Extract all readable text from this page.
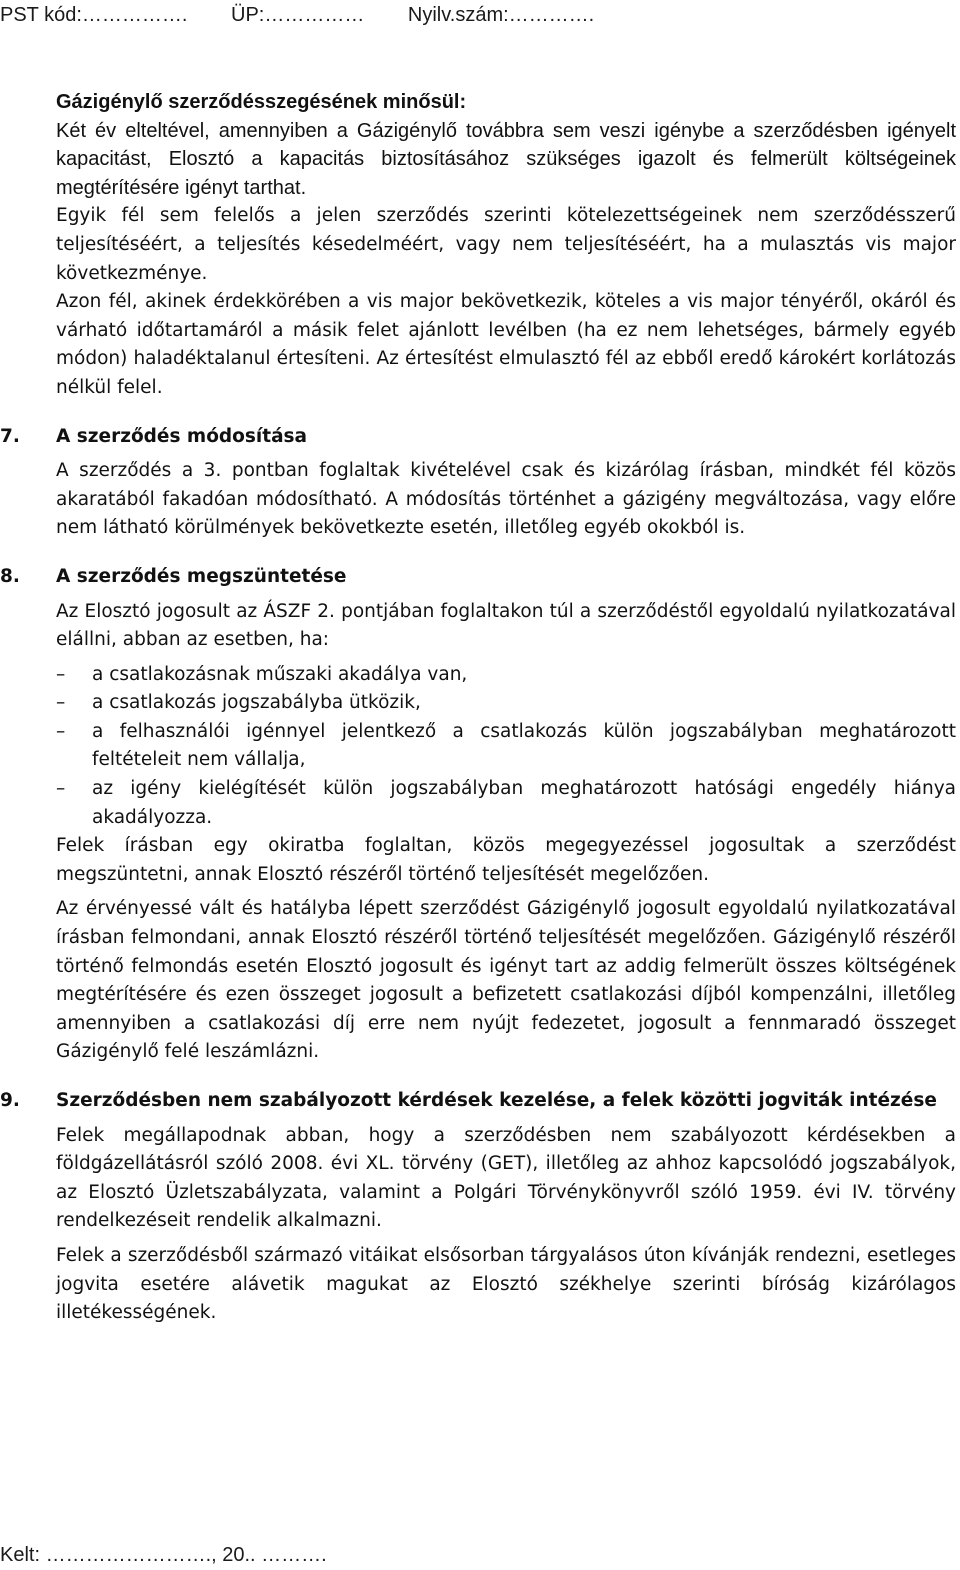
PST kód:……………. ÜP:…………… Nyilv.szám:………….

Gázigénylő szerződésszegésének minősül:

Két év elteltével, amennyiben a Gázigénylő továbbra sem veszi igénybe a szerződésben igényelt kapacitást, Elosztó a kapacitás biztosításához szükséges igazolt és felmerült költségeinek megtérítésére igényt tarthat.

Egyik fél sem felelős a jelen szerződés szerinti kötelezettségeinek nem szerződésszerű teljesítéséért, a teljesítés késedelméért, vagy nem teljesítéséért, ha a mulasztás vis major következménye.

Azon fél, akinek érdekkörében a vis major bekövetkezik, köteles a vis major tényéről, okáról és várható időtartamáról a másik felet ajánlott levélben (ha ez nem lehetséges, bármely egyéb módon) haladéktalanul értesíteni. Az értesítést elmulasztó fél az ebből eredő károkért korlátozás nélkül felel.

7. A szerződés módosítása

A szerződés a 3. pontban foglaltak kivételével csak és kizárólag írásban, mindkét fél közös akaratából fakadóan módosítható. A módosítás történhet a gázigény megváltozása, vagy előre nem látható körülmények bekövetkezte esetén, illetőleg egyéb okokból is.

8. A szerződés megszüntetése

Az Elosztó jogosult az ÁSZF 2. pontjában foglaltakon túl a szerződéstől egyoldalú nyilatkozatával elállni, abban az esetben, ha:

– a csatlakozásnak műszaki akadálya van,
– a csatlakozás jogszabályba ütközik,
– a felhasználói igénnyel jelentkező a csatlakozás külön jogszabályban meghatározott feltételeit nem vállalja,
– az igény kielégítését külön jogszabályban meghatározott hatósági engedély hiánya akadályozza.

Felek írásban egy okiratba foglaltan, közös megegyezéssel jogosultak a szerződést megszüntetni, annak Elosztó részéről történő teljesítését megelőzően.

Az érvényessé vált és hatályba lépett szerződést Gázigénylő jogosult egyoldalú nyilatkozatával írásban felmondani, annak Elosztó részéről történő teljesítését megelőzően. Gázigénylő részéről történő felmondás esetén Elosztó jogosult és igényt tart az addig felmerült összes költségének megtérítésére és ezen összeget jogosult a befizetett csatlakozási díjból kompenzálni, illetőleg amennyiben a csatlakozási díj erre nem nyújt fedezetet, jogosult a fennmaradó összeget Gázigénylő felé leszámlázni.

9. Szerződésben nem szabályozott kérdések kezelése, a felek közötti jogviták intézése

Felek megállapodnak abban, hogy a szerződésben nem szabályozott kérdésekben a földgázellátásról szóló 2008. évi XL. törvény (GET), illetőleg az ahhoz kapcsolódó jogszabályok, az Elosztó Üzletszabályzata, valamint a Polgári Törvénykönyvről szóló 1959. évi IV. törvény rendelkezéseit rendelik alkalmazni.

Felek a szerződésből származó vitáikat elsősorban tárgyalásos úton kívánják rendezni, esetleges jogvita esetére alávetik magukat az Elosztó székhelye szerinti bíróság kizárólagos illetékességének.

Kelt: ……………………., 20.. ……….
